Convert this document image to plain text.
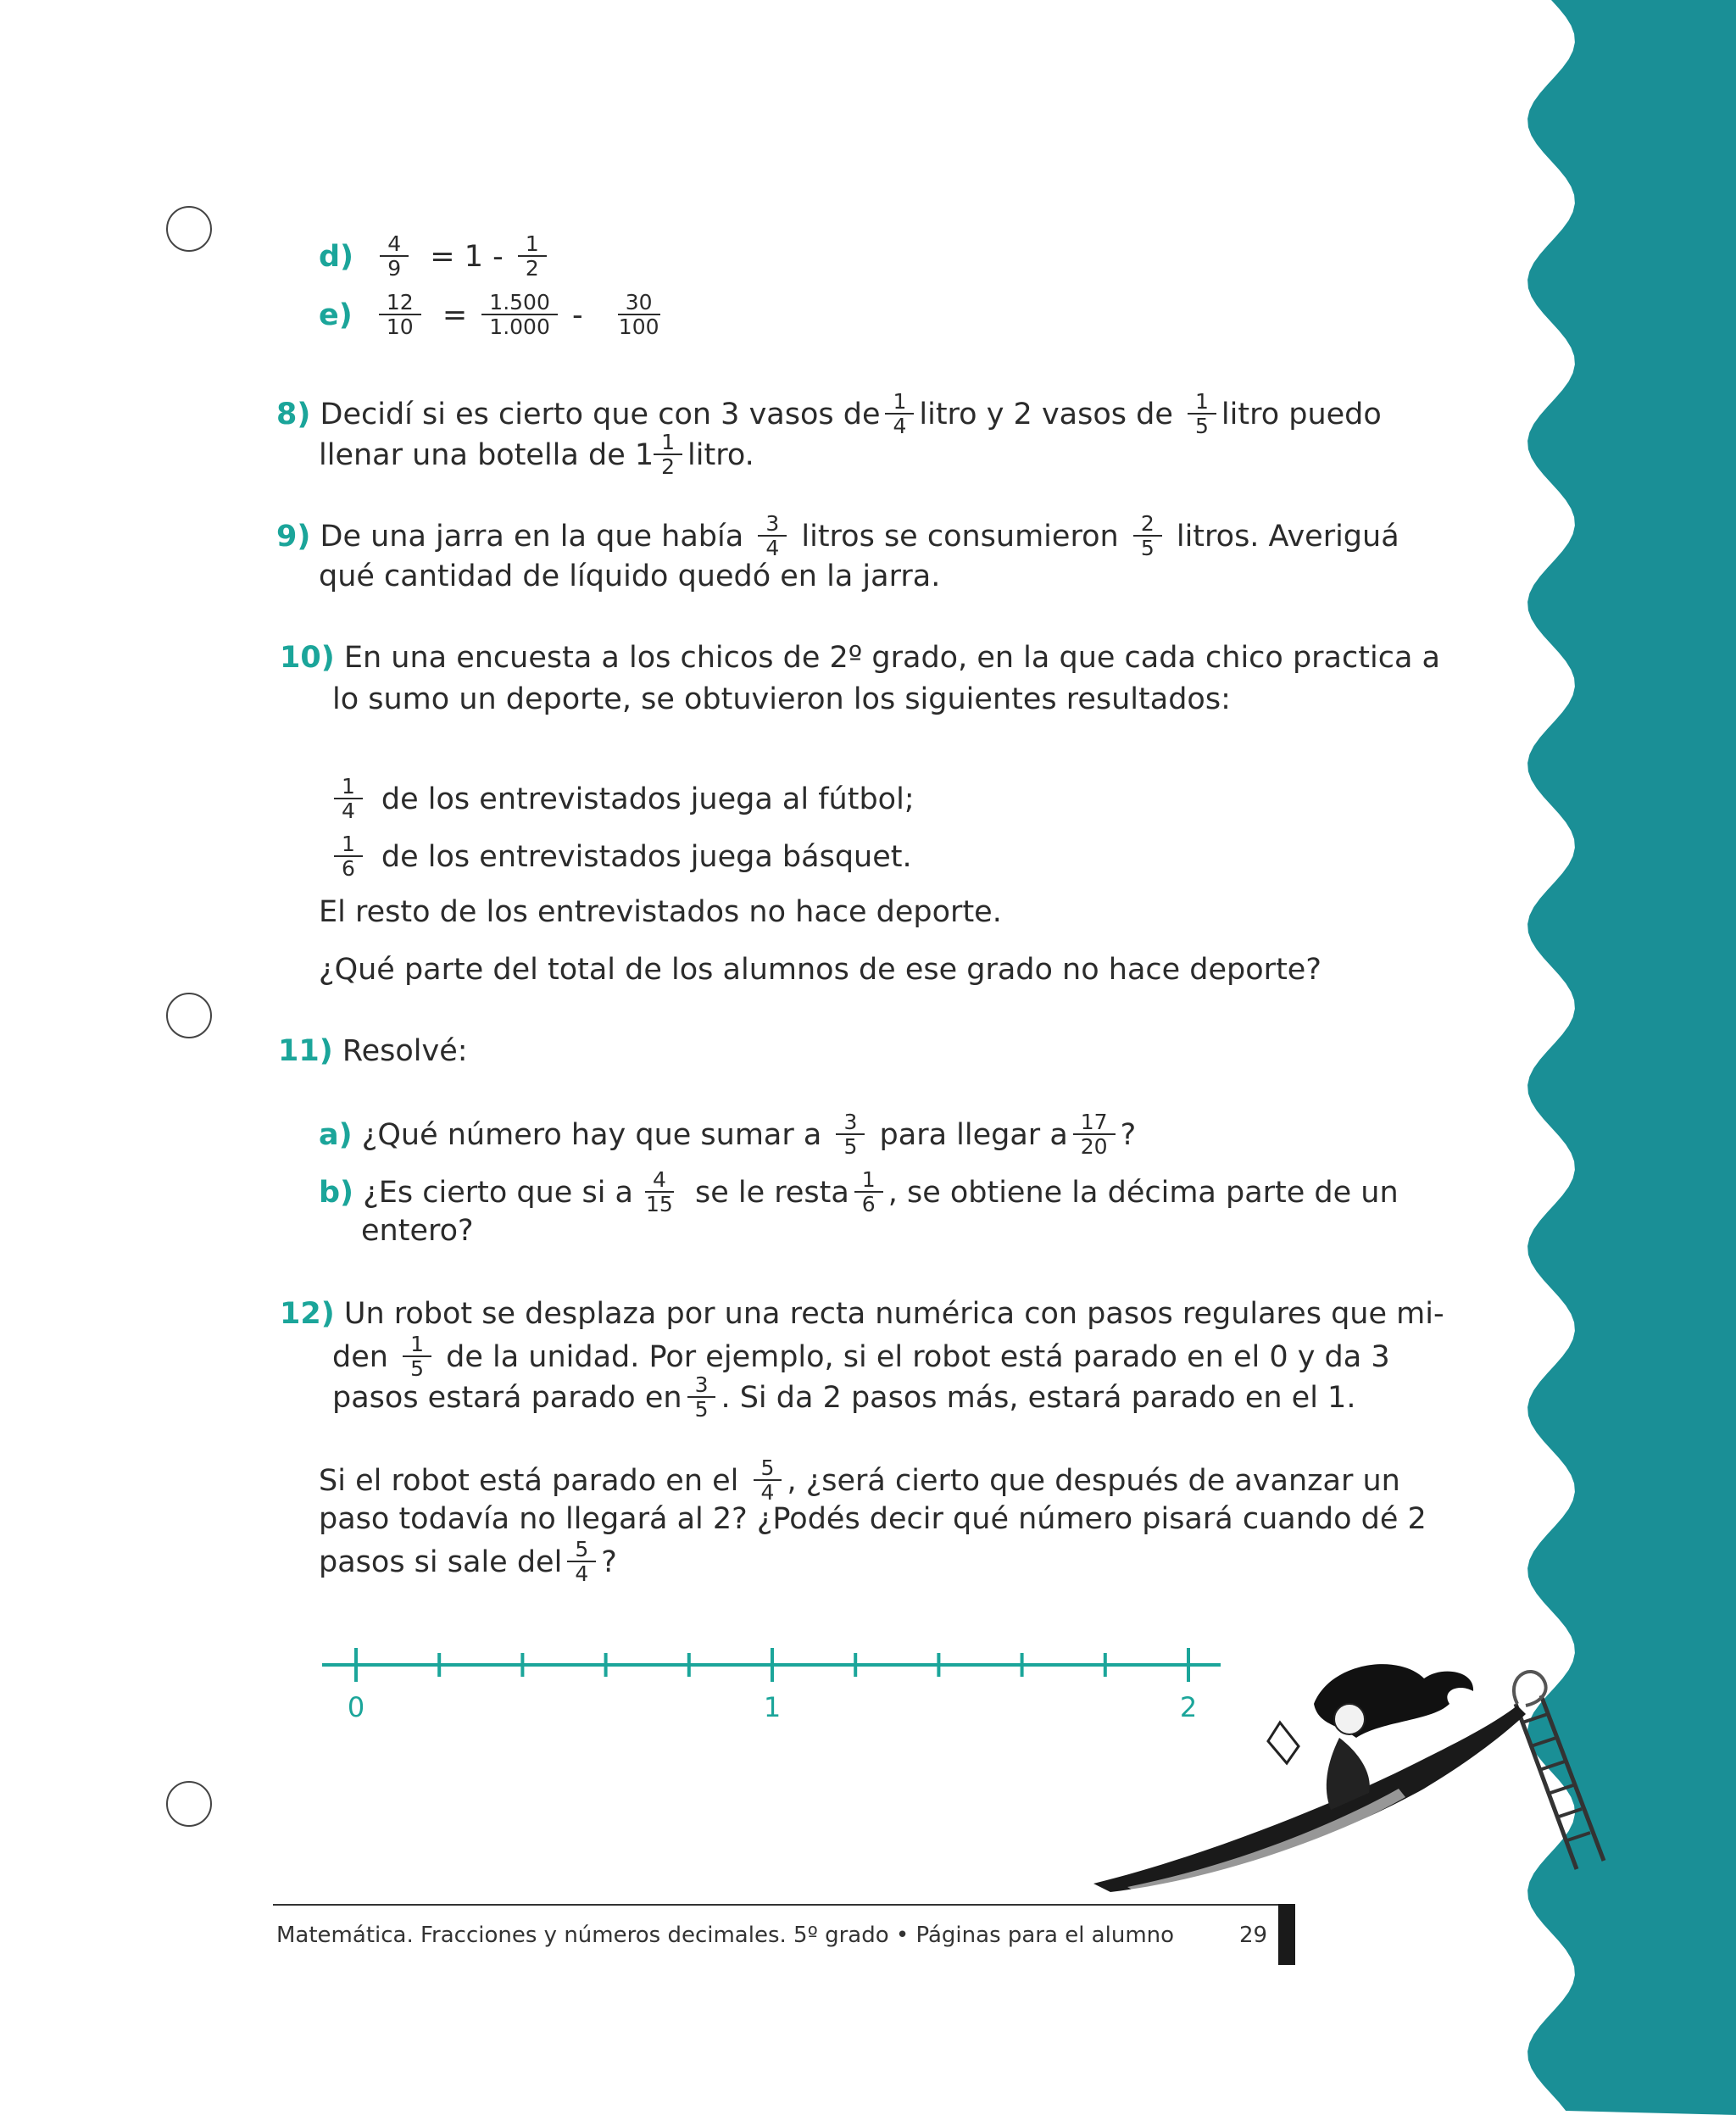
$d) \frac{4}{9} = 1 - \frac{1}{2}$
$e) \frac{12}{10} = \frac{1.500}{1.000} - \frac{30}{100}$
8) Decidí si es cierto que con 3 vasos de $\frac{1}{4}$ litro y 2 vasos de $\frac{1}{5}$ litro puedo
llenar una botella de $1 \frac{1}{2}$ litro.
9) De una jarra en la que había $\frac{3}{4}$ litros se consumieron $\frac{2}{5}$ litros. Averiguá
qué cantidad de líquido quedó en la jarra.
10) En una encuesta a los chicos de 2º grado, en la que cada chico practica a
lo sumo un deporte, se obtuvieron los siguientes resultados:
$\frac{1}{4}$ de los entrevistados juega al fútbol;
$\frac{1}{6}$ de los entrevistados juega básquet.
El resto de los entrevistados no hace deporte.
¿Qué parte del total de los alumnos de ese grado no hace deporte?
11) Resolvé:
a) ¿Qué número hay que sumar a $\frac{3}{5}$ para llegar a $\frac{17}{20}$ ?
b) ¿Es cierto que si a $\frac{4}{15}$ se le resta $\frac{1}{6}$ , se obtiene la décima parte de un
entero?
12) Un robot se desplaza por una recta numérica con pasos regulares que mi-
den $\frac{1}{5}$ de la unidad. Por ejemplo, si el robot está parado en el 0 y da 3
pasos estará parado en $\frac{3}{5}$ . Si da 2 pasos más, estará parado en el 1.
Si el robot está parado en el $\frac{5}{4}$ , ¿será cierto que después de avanzar un
paso todavía no llegará al 2? ¿Podés decir qué número pisará cuando dé 2
pasos si sale del $\frac{5}{4}$ ?
0	1	2
Matemática. Fracciones y números decimales. 5º grado • Páginas para el alumno	29
